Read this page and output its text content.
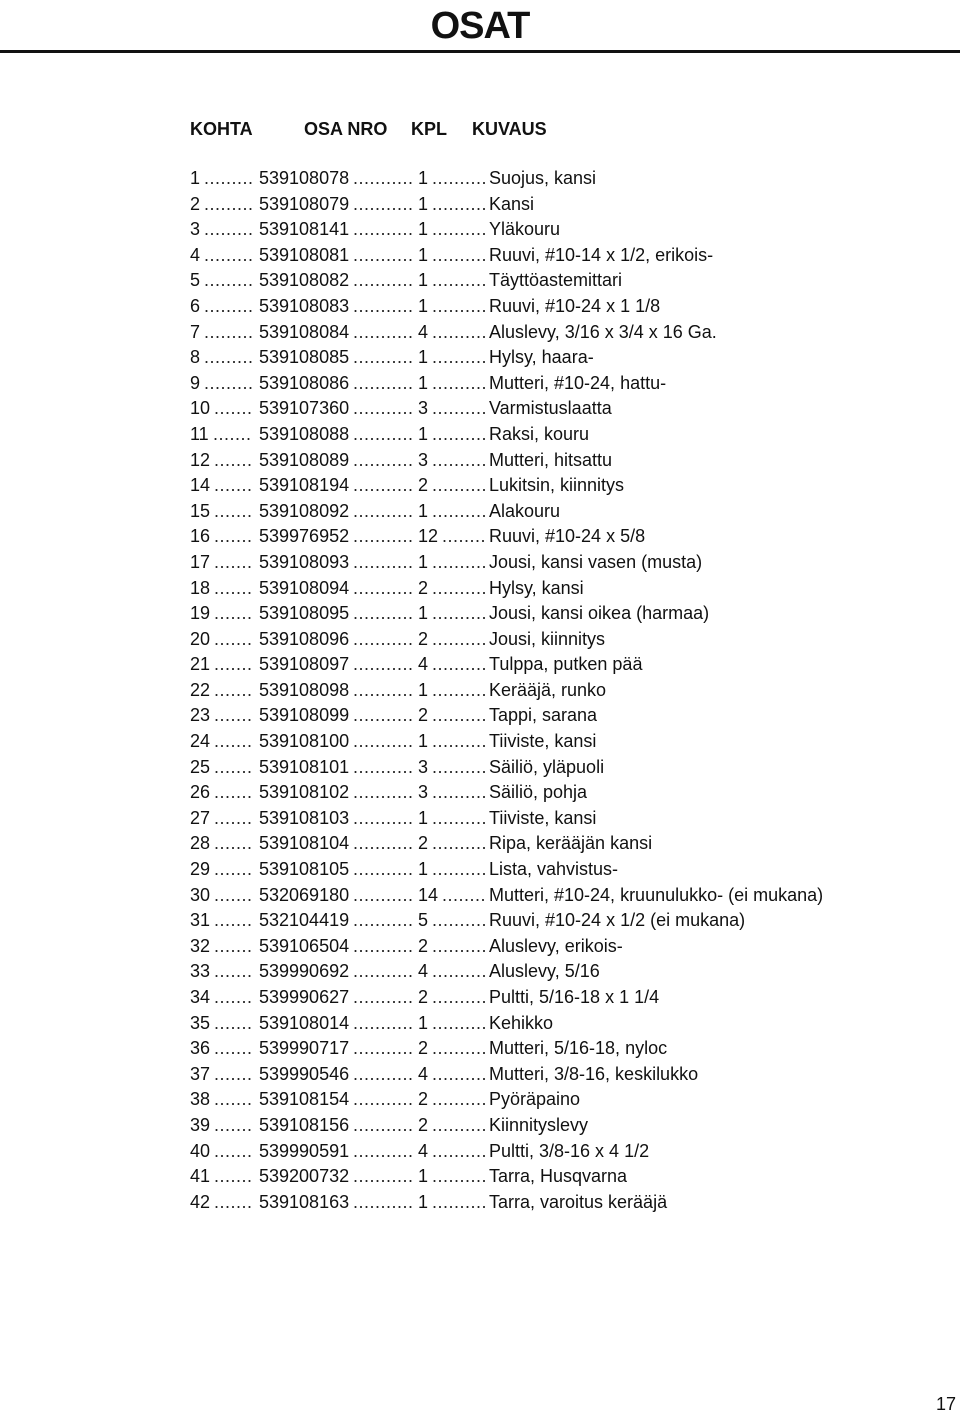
OSAT
KOHTA	OSA NRO KPL KUVAUS
1	539108078	1	Suojus, kansi
.........	........... ..........
2	539108079	1	Kansi
.........	........... ..........
3	539108141	1	Yläkouru
.........	........... ..........
4	539108081	1	Ruuvi, #10-14 x 1/2, erikois-
.........	........... ..........
5	539108082	1	Täyttöastemittari
.........	........... ..........
6	539108083	1	Ruuvi, #10-24 x 1 1/8
.........	........... ..........
7	539108084	4	Aluslevy, 3/16 x 3/4 x 16 Ga.
.........	........... ..........
8	539108085	1	Hylsy, haara-
.........	........... ..........
9	539108086	1	Mutteri, #10-24, hattu-
.........	........... ..........
10	539107360	3	Varmistuslaatta
.......	........... ..........
11	539108088	1	Raksi, kouru
.......	........... ..........
12	539108089	3	Mutteri, hitsattu
.......	........... ..........
14	539108194	2	Lukitsin, kiinnitys
.......	........... ..........
15	539108092	1	Alakouru
.......	........... ..........
16	539976952	12	Ruuvi, #10-24 x 5/8
.......	........... ........
17	539108093	1	Jousi, kansi vasen (musta)
.......	........... ..........
18	539108094	2	Hylsy, kansi
.......	........... ..........
19	539108095	1	Jousi, kansi oikea (harmaa)
.......	........... ..........
20	539108096	2	Jousi, kiinnitys
.......	........... ..........
21	539108097	4	Tulppa, putken pää
.......	........... ..........
22	539108098	1	Kerääjä, runko
.......	........... ..........
23	539108099	2	Tappi, sarana
.......	........... ..........
24	539108100	1	Tiiviste, kansi
.......	........... ..........
25	539108101	3	Säiliö, yläpuoli
.......	........... ..........
26	539108102	3	Säiliö, pohja
.......	........... ..........
27	539108103	1	Tiiviste, kansi
.......	........... ..........
28	539108104	2	Ripa, kerääjän kansi
.......	........... ..........
29	539108105	1	Lista, vahvistus-
.......	........... ..........
30	532069180	14	Mutteri, #10-24, kruunulukko- (ei mukana)
.......	........... ........
31	532104419	5	Ruuvi, #10-24 x 1/2 (ei mukana)
.......	........... ..........
32	539106504	2	Aluslevy, erikois-
.......	........... ..........
33	539990692	4	Aluslevy, 5/16
.......	........... ..........
34	539990627	2	Pultti, 5/16-18 x 1 1/4
.......	........... ..........
35	539108014	1	Kehikko
.......	........... ..........
36	539990717	2	Mutteri, 5/16-18, nyloc
.......	........... ..........
37	539990546	4	Mutteri, 3/8-16, keskilukko
.......	........... ..........
38	539108154	2	Pyöräpaino
.......	........... ..........
39	539108156	2	Kiinnityslevy
.......	........... ..........
40	539990591	4	Pultti, 3/8-16 x 4 1/2
.......	........... ..........
41	539200732	1	Tarra, Husqvarna
.......	........... ..........
42	539108163	1	Tarra, varoitus kerääjä
.......	........... ..........
17
